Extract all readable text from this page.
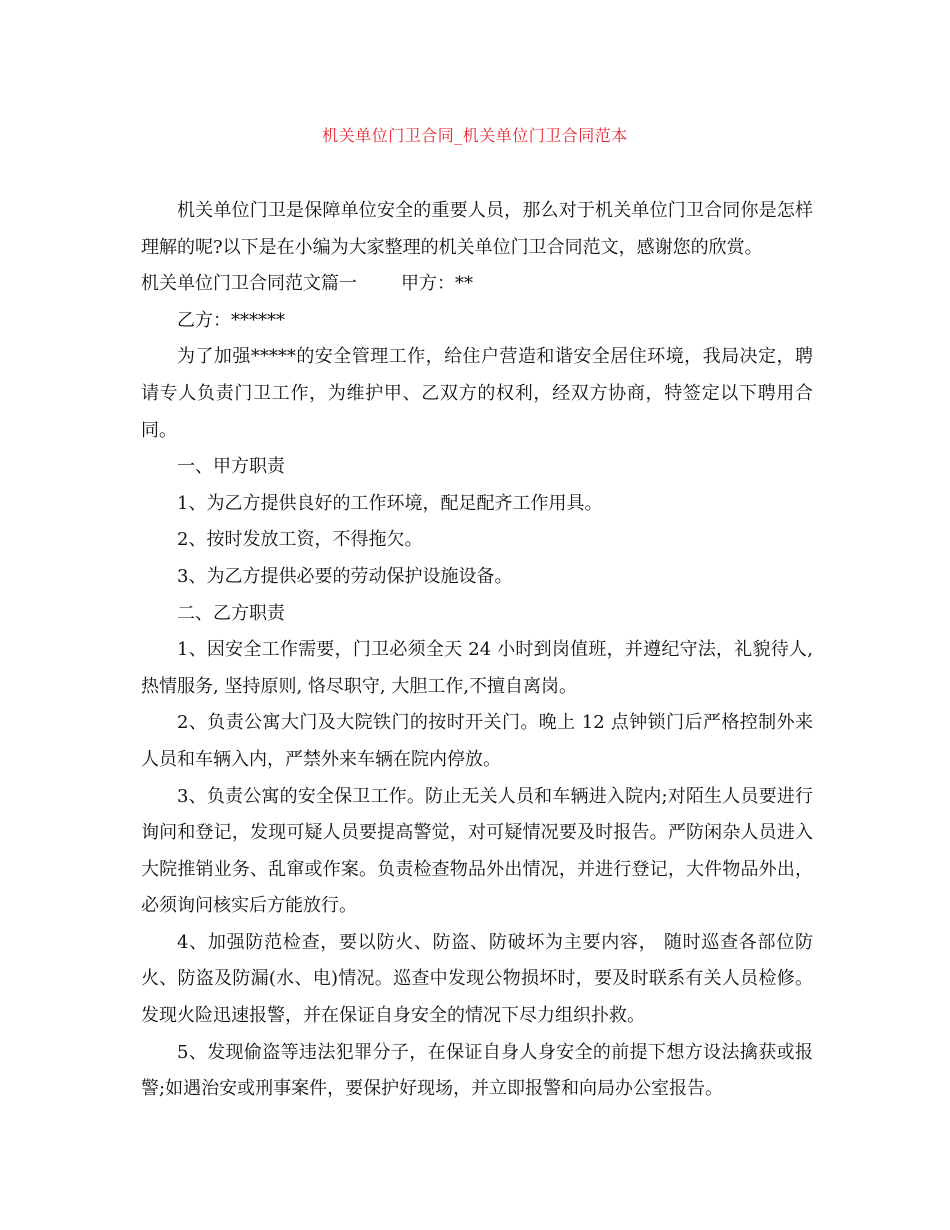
机关单位门卫合同_机关单位门卫合同范本

机关单位门卫是保障单位安全的重要人员，那么对于机关单位门卫合同你是怎样理解的呢?以下是在小编为大家整理的机关单位门卫合同范文，感谢您的欣赏。

机关单位门卫合同范文篇一 甲方：**

乙方：******

为了加强*****的安全管理工作，给住户营造和谐安全居住环境，我局决定，聘请专人负责门卫工作，为维护甲、乙双方的权利，经双方协商，特签定以下聘用合同。

一、甲方职责

1、为乙方提供良好的工作环境，配足配齐工作用具。

2、按时发放工资，不得拖欠。

3、为乙方提供必要的劳动保护设施设备。

二、乙方职责

1、因安全工作需要，门卫必须全天 24 小时到岗值班，并遵纪守法，礼貌待人,热情服务, 坚持原则, 恪尽职守, 大胆工作,不擅自离岗。

2、负责公寓大门及大院铁门的按时开关门。晚上 12 点钟锁门后严格控制外来人员和车辆入内，严禁外来车辆在院内停放。

3、负责公寓的安全保卫工作。防止无关人员和车辆进入院内;对陌生人员要进行询问和登记，发现可疑人员要提高警觉，对可疑情况要及时报告。严防闲杂人员进入大院推销业务、乱窜或作案。负责检查物品外出情况，并进行登记，大件物品外出，必须询问核实后方能放行。

4、加强防范检查，要以防火、防盗、防破坏为主要内容， 随时巡查各部位防火、防盗及防漏(水、电)情况。巡查中发现公物损坏时，要及时联系有关人员检修。发现火险迅速报警，并在保证自身安全的情况下尽力组织扑救。

5、发现偷盗等违法犯罪分子，在保证自身人身安全的前提下想方设法擒获或报警;如遇治安或刑事案件，要保护好现场，并立即报警和向局办公室报告。
